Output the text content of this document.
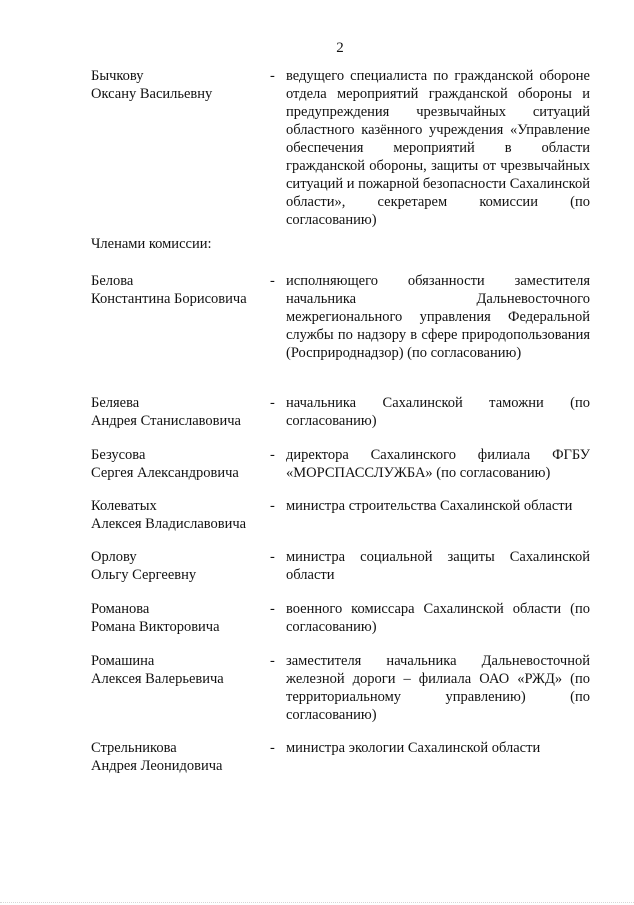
2
Бычкову
Оксану Васильевну
- ведущего специалиста по гражданской обороне отдела мероприятий гражданской обороны и предупреждения чрезвычайных ситуаций областного казённого учреждения «Управление обеспечения мероприятий в области гражданской обороны, защиты от чрезвычайных ситуаций и пожарной безопасности Сахалинской области», секретарем комиссии (по согласованию)
Членами комиссии:
Белова
Константина Борисовича
- исполняющего обязанности заместителя начальника Дальневосточного межрегионального управления Федеральной службы по надзору в сфере природопользования (Росприроднадзор) (по согласованию)
Беляева
Андрея Станиславовича
- начальника Сахалинской таможни (по согласованию)
Безусова
Сергея Александровича
- директора Сахалинского филиала ФГБУ «МОРСПАССЛУЖБА» (по согласованию)
Колеватых
Алексея Владиславовича
- министра строительства Сахалинской области
Орлову
Ольгу Сергеевну
- министра социальной защиты Сахалинской области
Романова
Романа Викторовича
- военного комиссара Сахалинской области (по согласованию)
Ромашина
Алексея Валерьевича
- заместителя начальника Дальневосточной железной дороги – филиала ОАО «РЖД» (по территориальному управлению) (по согласованию)
Стрельникова
Андрея Леонидовича
- министра экологии Сахалинской области
